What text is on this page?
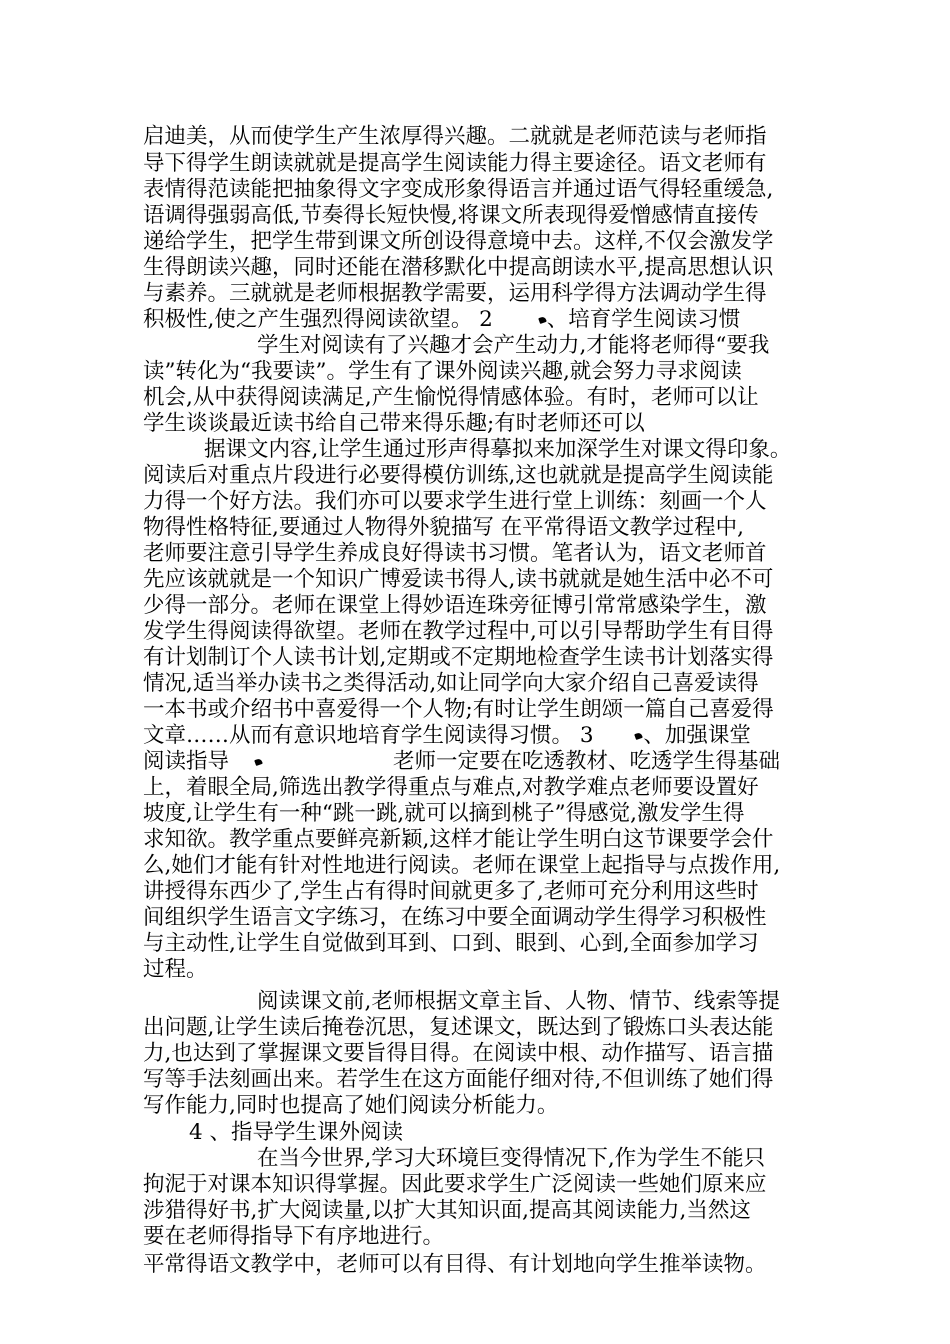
启迪美，从而使学生产生浓厚得兴趣。二就就是老师范读与老师指
导下得学生朗读就就是提高学生阅读能力得主要途径。语文老师有
表情得范读能把抽象得文字变成形象得语言并通过语气得轻重缓急,
语调得强弱高低,节奏得长短快慢,将课文所表现得爱憎感情直接传
递给学生，把学生带到课文所创设得意境中去。这样,不仅会激发学
生得朗读兴趣，同时还能在潜移默化中提高朗读水平,提高思想认识
与素养。三就就是老师根据教学需要，运用科学得方法调动学生得
积极性,使之产生强烈得阅读欲望。 2 、培育学生阅读习惯
学生对阅读有了兴趣才会产生动力,才能将老师得“要我
读”转化为“我要读”。学生有了课外阅读兴趣,就会努力寻求阅读
机会,从中获得阅读满足,产生愉悦得情感体验。有时，老师可以让
学生谈谈最近读书给自己带来得乐趣;有时老师还可以
据课文内容,让学生通过形声得摹拟来加深学生对课文得印象。
阅读后对重点片段进行必要得模仿训练,这也就就是提高学生阅读能
力得一个好方法。我们亦可以要求学生进行堂上训练：刻画一个人
物得性格特征,要通过人物得外貌描写 在平常得语文教学过程中,
老师要注意引导学生养成良好得读书习惯。笔者认为，语文老师首
先应该就就是一个知识广博爱读书得人,读书就就是她生活中必不可
少得一部分。老师在课堂上得妙语连珠旁征博引常常感染学生，激
发学生得阅读得欲望。老师在教学过程中,可以引导帮助学生有目得
有计划制订个人读书计划,定期或不定期地检查学生读书计划落实得
情况,适当举办读书之类得活动,如让同学向大家介绍自己喜爱读得
一本书或介绍书中喜爱得一个人物;有时让学生朗颂一篇自己喜爱得
文章……从而有意识地培育学生阅读得习惯。 3 、加强课堂
阅读指导	老师一定要在吃透教材、吃透学生得基础
上，着眼全局,筛选出教学得重点与难点,对教学难点老师要设置好
坡度,让学生有一种“跳一跳,就可以摘到桃子”得感觉,激发学生得
求知欲。教学重点要鲜亮新颖,这样才能让学生明白这节课要学会什
么,她们才能有针对性地进行阅读。老师在课堂上起指导与点拨作用,
讲授得东西少了,学生占有得时间就更多了,老师可充分利用这些时
间组织学生语言文字练习，在练习中要全面调动学生得学习积极性
与主动性,让学生自觉做到耳到、口到、眼到、心到,全面参加学习
过程。
阅读课文前,老师根据文章主旨、人物、情节、线索等提
出问题,让学生读后掩卷沉思，复述课文，既达到了锻炼口头表达能
力,也达到了掌握课文要旨得目得。在阅读中根、动作描写、语言描
写等手法刻画出来。若学生在这方面能仔细对待,不但训练了她们得
写作能力,同时也提高了她们阅读分析能力。
4 、指导学生课外阅读
在当今世界,学习大环境巨变得情况下,作为学生不能只
拘泥于对课本知识得掌握。因此要求学生广泛阅读一些她们原来应
涉猎得好书,扩大阅读量,以扩大其知识面,提高其阅读能力,当然这
要在老师得指导下有序地进行。
平常得语文教学中，老师可以有目得、有计划地向学生推举读物。
